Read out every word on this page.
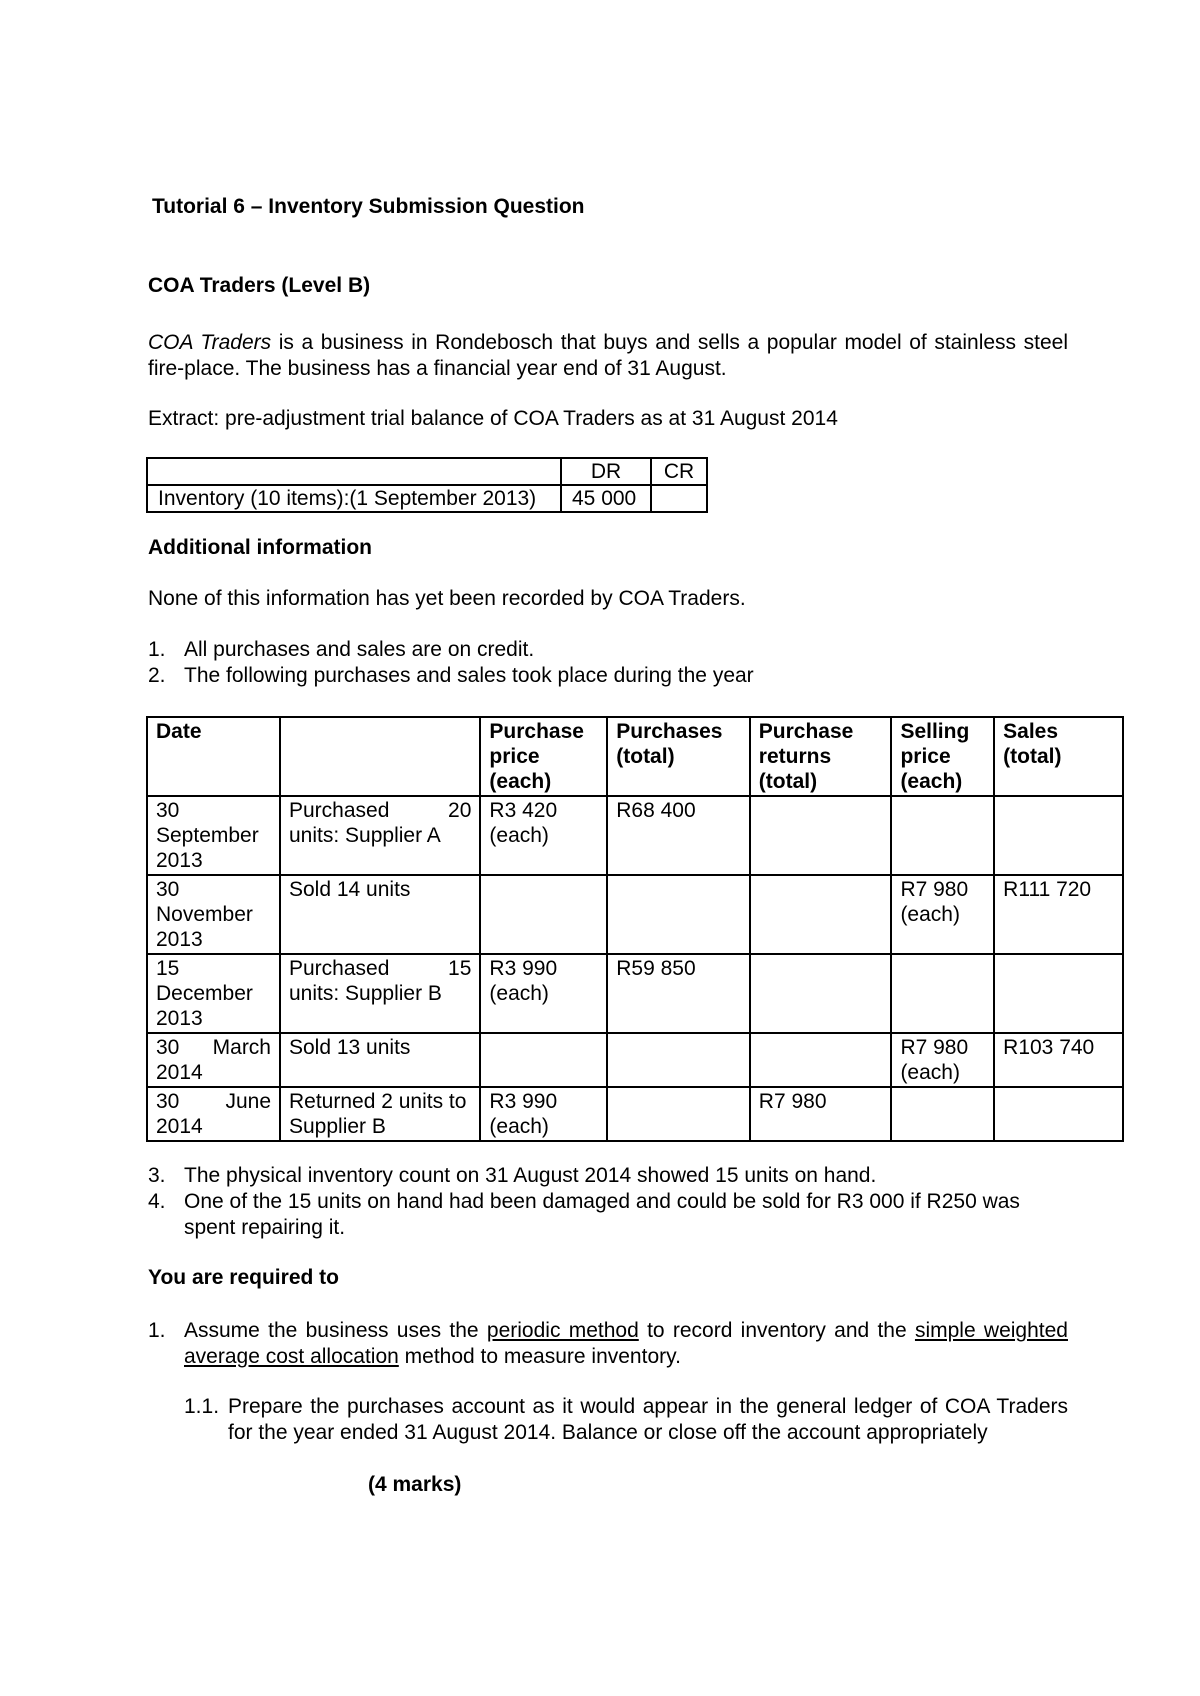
Tutorial 6 – Inventory Submission Question

COA Traders (Level B)

COA Traders is a business in Rondebosch that buys and sells a popular model of stainless steel fire-place. The business has a financial year end of 31 August.

Extract: pre-adjustment trial balance of COA Traders as at 31 August 2014

	DR	CR
Inventory (10 items):(1 September 2013)	45 000	

Additional information

None of this information has yet been recorded by COA Traders.

1. All purchases and sales are on credit.
2. The following purchases and sales took place during the year
Date		Purchase price (each)	Purchases (total)	Purchase returns (total)	Selling price (each)	Sales (total)
30 September 2013	Purchased 20 units: Supplier A	R3 420 (each)	R68 400			
30 November 2013	Sold 14 units				R7 980 (each)	R111 720
15 December 2013	Purchased 15 units: Supplier B	R3 990 (each)	R59 850			
30 March 2014	Sold 13 units				R7 980 (each)	R103 740
30 June 2014	Returned 2 units to Supplier B	R3 990 (each)		R7 980		
3. The physical inventory count on 31 August 2014 showed 15 units on hand.
4. One of the 15 units on hand had been damaged and could be sold for R3 000 if R250 was spent repairing it.

You are required to

1. Assume the business uses the periodic method to record inventory and the simple weighted average cost allocation method to measure inventory.
1.1. Prepare the purchases account as it would appear in the general ledger of COA Traders for the year ended 31 August 2014. Balance or close off the account appropriately

(4 marks)
